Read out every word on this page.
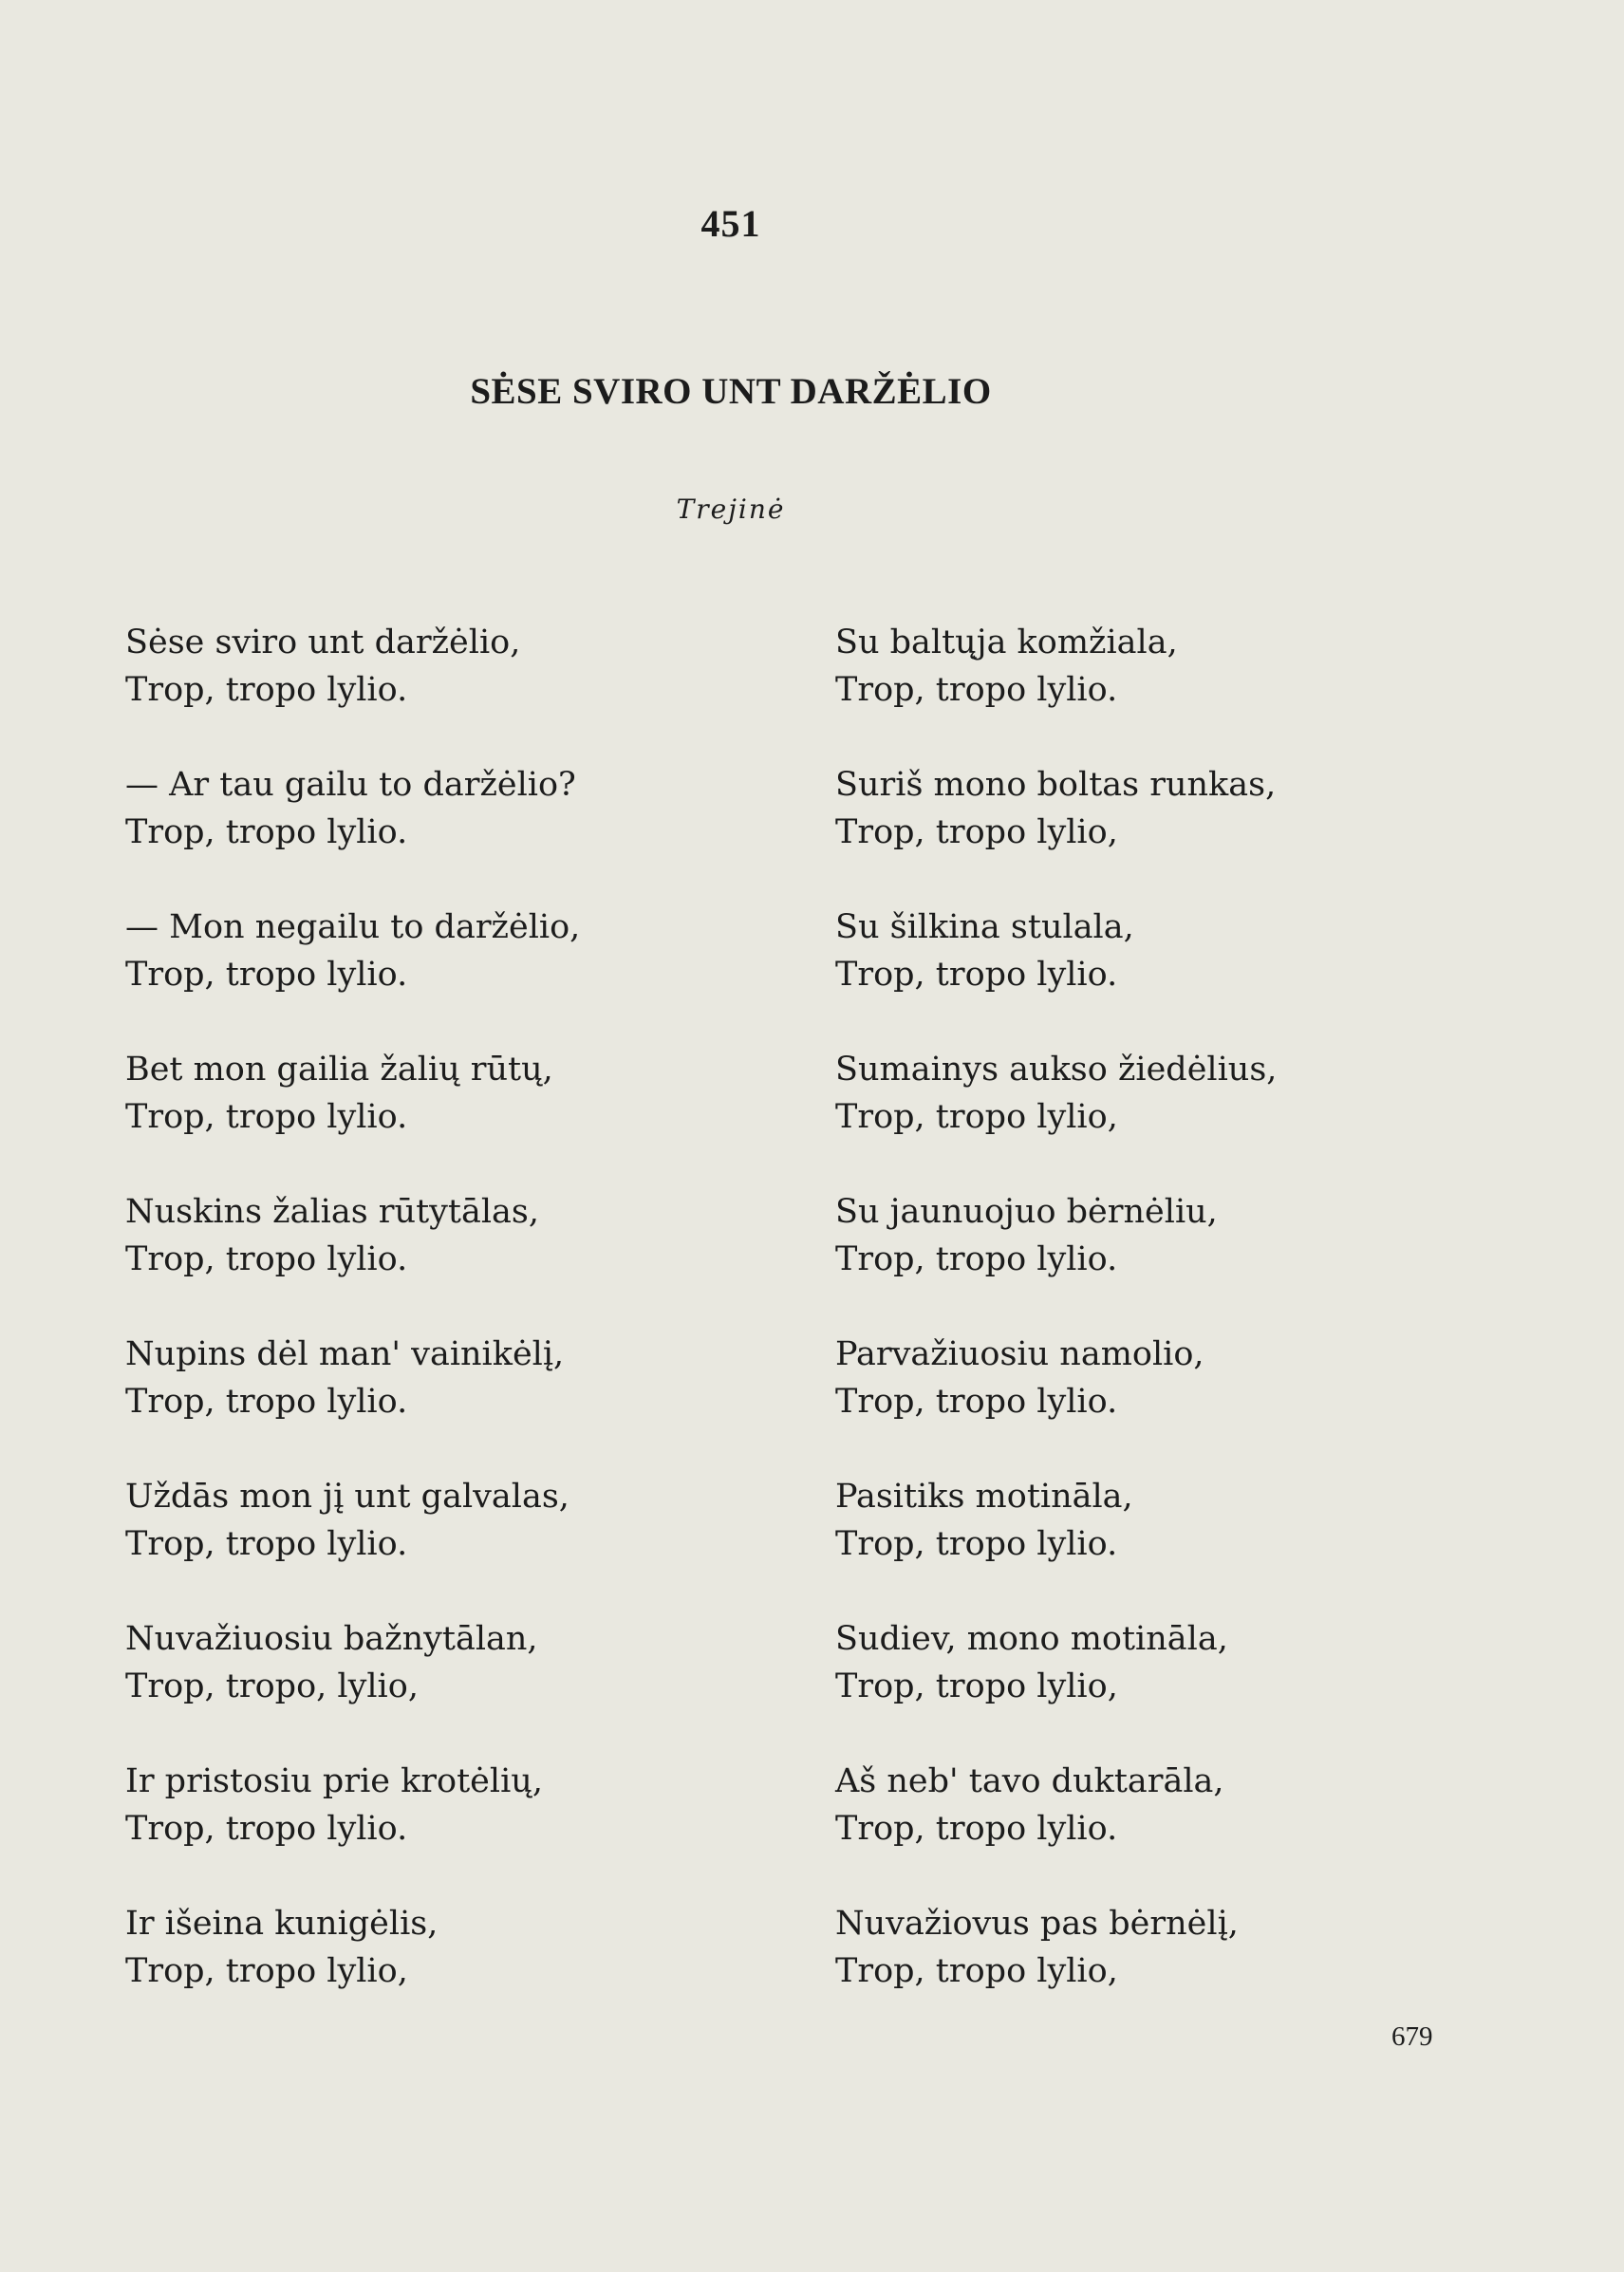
451
SĖSE SVIRO UNT DARŽĖLIO
Trejinė
Sėse sviro unt daržėlio,
Trop, tropo lylio.
— Ar tau gailu to daržėlio?
Trop, tropo lylio.
— Mon negailu to daržėlio,
Trop, tropo lylio.
Bet mon gailia žalių rūtų,
Trop, tropo lylio.
Nuskins žalias rūtytālas,
Trop, tropo lylio.
Nupins dėl man' vainikėlį,
Trop, tropo lylio.
Uždās mon jį unt galvalas,
Trop, tropo lylio.
Nuvažiuosiu bažnytālan,
Trop, tropo, lylio,
Ir pristosiu prie krotėlių,
Trop, tropo lylio.
Ir išeina kunigėlis,
Trop, tropo lylio,
Su baltųja komžiala,
Trop, tropo lylio.
Suriš mono boltas runkas,
Trop, tropo lylio,
Su šilkina stulala,
Trop, tropo lylio.
Sumainys aukso žiedėlius,
Trop, tropo lylio,
Su jaunuojuo bėrnėliu,
Trop, tropo lylio.
Parvažiuosiu namolio,
Trop, tropo lylio.
Pasitiks motināla,
Trop, tropo lylio.
Sudiev, mono motināla,
Trop, tropo lylio,
Aš neb' tavo duktarāla,
Trop, tropo lylio.
Nuvažiovus pas bėrnėlį,
Trop, tropo lylio,
679
